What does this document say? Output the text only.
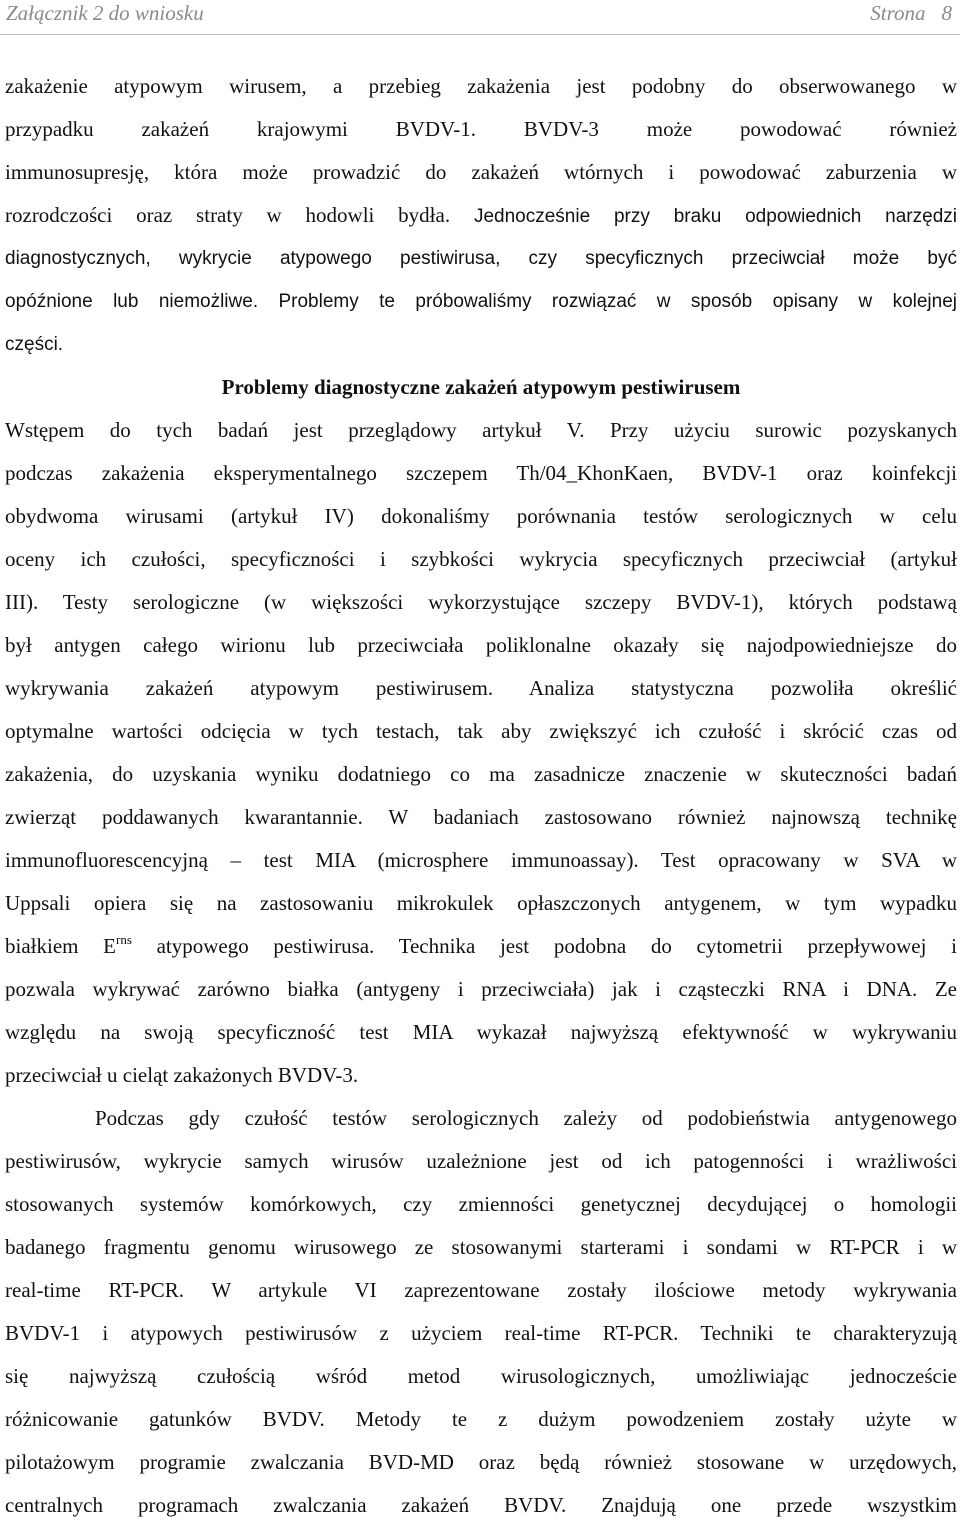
Załącznik 2 do wniosku	Strona 8
zakażenie atypowym wirusem, a przebieg zakażenia jest podobny do obserwowanego w
przypadku zakażeń krajowymi BVDV-1. BVDV-3 może powodować również
immunosupresję, która może prowadzić do zakażeń wtórnych i powodować zaburzenia w
rozrodczości oraz straty w hodowli bydła. Jednocześnie przy braku odpowiednich narzędzi
diagnostycznych, wykrycie atypowego pestiwirusa, czy specyficznych przeciwciał może być
opóźnione lub niemożliwe. Problemy te próbowaliśmy rozwiązać w sposób opisany w kolejnej
części.
Problemy diagnostyczne zakażeń atypowym pestiwirusem
Wstępem do tych badań jest przeglądowy artykuł V. Przy użyciu surowic pozyskanych
podczas zakażenia eksperymentalnego szczepem Th/04_KhonKaen, BVDV-1 oraz koinfekcji
obydwoma wirusami (artykuł IV) dokonaliśmy porównania testów serologicznych w celu
oceny ich czułości, specyficzności i szybkości wykrycia specyficznych przeciwciał (artykuł
III). Testy serologiczne (w większości wykorzystujące szczepy BVDV-1), których podstawą
był antygen całego wirionu lub przeciwciała poliklonalne okazały się najodpowiedniejsze do
wykrywania zakażeń atypowym pestiwirusem. Analiza statystyczna pozwoliła określić
optymalne wartości odcięcia w tych testach, tak aby zwiększyć ich czułość i skrócić czas od
zakażenia, do uzyskania wyniku dodatniego co ma zasadnicze znaczenie w skuteczności badań
zwierząt poddawanych kwarantannie. W badaniach zastosowano również najnowszą technikę
immunofluorescencyjną – test MIA (microsphere immunoassay). Test opracowany w SVA w
Uppsali opiera się na zastosowaniu mikrokulek opłaszczonych antygenem, w tym wypadku
białkiem $E^{rns}$ atypowego pestiwirusa. Technika jest podobna do cytometrii przepływowej i
pozwala wykrywać zarówno białka (antygeny i przeciwciała) jak i cząsteczki RNA i DNA. Ze
względu na swoją specyficzność test MIA wykazał najwyższą efektywność w wykrywaniu
przeciwciał u cieląt zakażonych BVDV-3.
Podczas gdy czułość testów serologicznych zależy od podobieństwia antygenowego
pestiwirusów, wykrycie samych wirusów uzależnione jest od ich patogenności i wrażliwości
stosowanych systemów komórkowych, czy zmienności genetycznej decydującej o homologii
badanego fragmentu genomu wirusowego ze stosowanymi starterami i sondami w RT-PCR i w
real-time RT-PCR. W artykule VI zaprezentowane zostały ilościowe metody wykrywania
BVDV-1 i atypowych pestiwirusów z użyciem real-time RT-PCR. Techniki te charakteryzują
się najwyższą czułością wśród metod wirusologicznych, umożliwiając jednoczeście
różnicowanie gatunków BVDV. Metody te z dużym powodzeniem zostały użyte w
pilotażowym programie zwalczania BVD-MD oraz będą również stosowane w urzędowych,
centralnych programach zwalczania zakażeń BVDV. Znajdują one przede wszystkim
